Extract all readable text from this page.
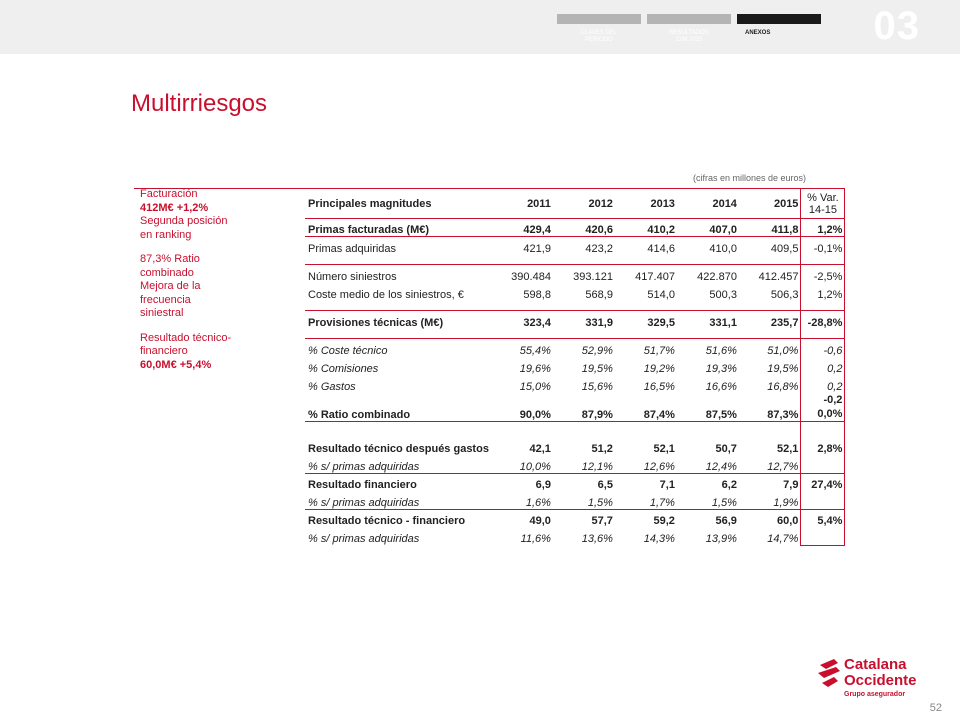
CLAVES DEL
PERIODO
RESULTADOS
12M 2015
ANEXOS	03
Multirriesgos
(cifras en millones de euros)
Facturación
412M€ +1,2%
Segunda posición
en ranking
87,3% Ratio
combinado
Mejora de la
frecuencia
siniestral
Resultado técnico-
financiero
60,0M€ +5,4%
Principales magnitudes	2011	2012	2013	2014	2015	% Var.
14-15
Primas facturadas (M€)	429,4	420,6	410,2	407,0	411,8	1,2%
Primas adquiridas	421,9	423,2	414,6	410,0	409,5	-0,1%

Número siniestros	390.484	393.121	417.407	422.870	412.457	-2,5%
Coste medio de los siniestros, €	598,8	568,9	514,0	500,3	506,3	1,2%

Provisiones técnicas (M€)	323,4	331,9	329,5	331,1	235,7	-28,8%

% Coste técnico	55,4%	52,9%	51,7%	51,6%	51,0%	-0,6
% Comisiones	19,6%	19,5%	19,2%	19,3%	19,5%	0,2
% Gastos	15,0%	15,6%	16,5%	16,6%	16,8%	0,2
% Ratio combinado	90,0%	87,9%	87,4%	87,5%	87,3%	-0,2
0,0%
Resultado técnico después gastos	42,1	51,2	52,1	50,7	52,1	2,8%
% s/ primas adquiridas	10,0%	12,1%	12,6%	12,4%	12,7%	
Resultado financiero	6,9	6,5	7,1	6,2	7,9	27,4%
% s/ primas adquiridas	1,6%	1,5%	1,7%	1,5%	1,9%	
Resultado técnico - financiero	49,0	57,7	59,2	56,9	60,0	5,4%
% s/ primas adquiridas	11,6%	13,6%	14,3%	13,9%	14,7%	
Catalana
Occidente
Grupo asegurador
52
